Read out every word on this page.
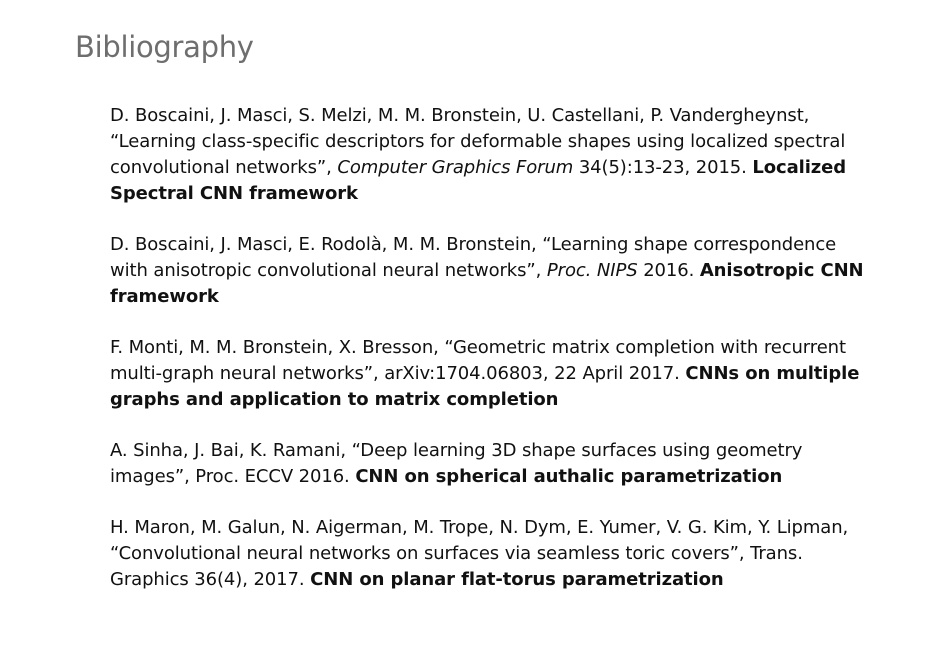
Bibliography
D. Boscaini, J. Masci, S. Melzi, M. M. Bronstein, U. Castellani, P. Vandergheynst, “Learning class-specific descriptors for deformable shapes using localized spectral convolutional networks”, Computer Graphics Forum 34(5):13-23, 2015. Localized Spectral CNN framework
D. Boscaini, J. Masci, E. Rodolà, M. M. Bronstein, “Learning shape correspondence with anisotropic convolutional neural networks”, Proc. NIPS 2016. Anisotropic CNN framework
F. Monti, M. M. Bronstein, X. Bresson, “Geometric matrix completion with recurrent multi-graph neural networks”, arXiv:1704.06803, 22 April 2017. CNNs on multiple graphs and application to matrix completion
A. Sinha, J. Bai, K. Ramani, “Deep learning 3D shape surfaces using geometry images”, Proc. ECCV 2016. CNN on spherical authalic parametrization
H. Maron, M. Galun, N. Aigerman, M. Trope, N. Dym, E. Yumer, V. G. Kim, Y. Lipman, “Convolutional neural networks on surfaces via seamless toric covers”, Trans. Graphics 36(4), 2017. CNN on planar flat-torus parametrization
